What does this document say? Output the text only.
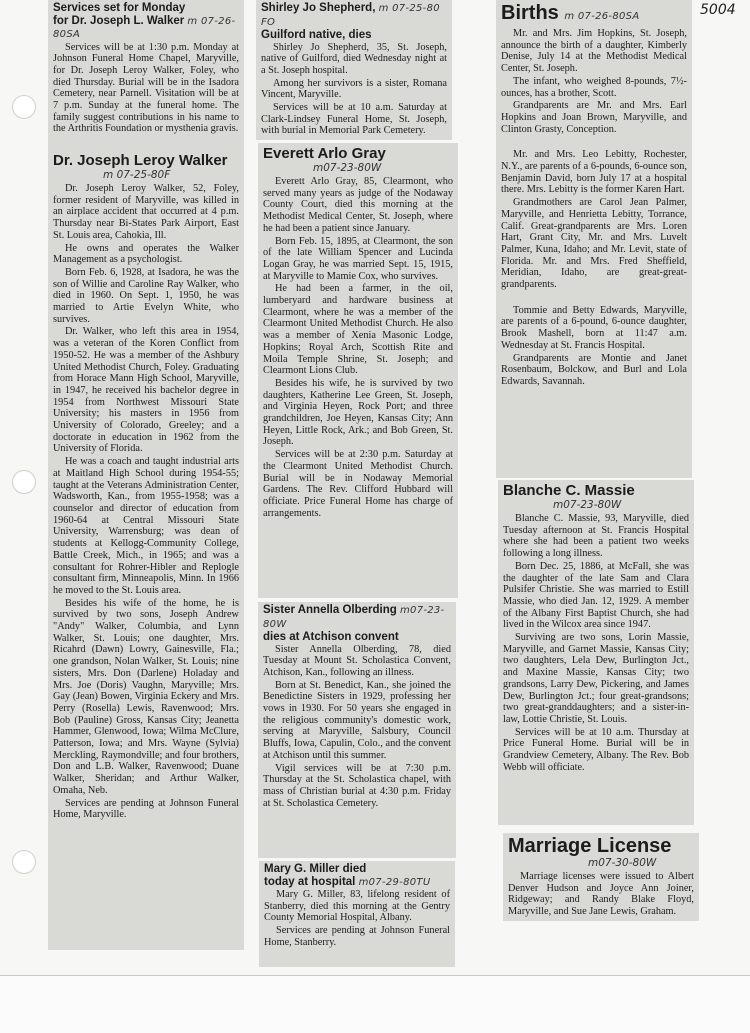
5004
Services set for Monday
for Dr. Joseph L. Walker m 07-26-80SA

Services will be at 1:30 p.m. Monday at Johnson Funeral Home Chapel, Maryville, for Dr. Joseph Leroy Walker, Foley, who died Thursday. Burial will be in the Isadora Cemetery, near Parnell. Visitation will be at 7 p.m. Sunday at the funeral home. The family suggest contributions in his name to the Arthritis Foundation or mysthenia gravis.

Dr. Joseph Leroy Walker
m 07-25-80F

Dr. Joseph Leroy Walker, 52, Foley, former resident of Maryville, was killed in an airplace accident that occurred at 4 p.m. Thursday near Bi-States Park Airport, East St. Louis area, Cahokia, Ill.

He owns and operates the Walker Management as a psychologist.

Born Feb. 6, 1928, at Isadora, he was the son of Willie and Caroline Ray Walker, who died in 1960. On Sept. 1, 1950, he was married to Artie Evelyn White, who survives.

Dr. Walker, who left this area in 1954, was a veteran of the Koren Conflict from 1950-52. He was a member of the Ashbury United Methodist Church, Foley. Graduating from Horace Mann High School, Maryville, in 1947, he received his bachelor degree in 1954 from Northwest Missouri State University; his masters in 1956 from University of Colorado, Greeley; and a doctorate in education in 1962 from the University of Florida.

He was a coach and taught industrial arts at Maitland High School during 1954-55; taught at the Veterans Administration Center, Wadsworth, Kan., from 1955-1958; was a counselor and director of education from 1960-64 at Central Missouri State University, Warrensburg; was dean of students at Kellogg-Community College, Battle Creek, Mich., in 1965; and was a consultant for Rohrer-Hibler and Replogle consultant firm, Minneapolis, Minn. In 1966 he moved to the St. Louis area.

Besides his wife of the home, he is survived by two sons, Joseph Andrew "Andy" Walker, Columbia, and Lynn Walker, St. Louis; one daughter, Mrs. Ricahrd (Dawn) Lowry, Gainesville, Fla.; one grandson, Nolan Walker, St. Louis; nine sisters, Mrs. Don (Darlene) Holaday and Mrs. Joe (Doris) Vaughn, Maryville; Mrs. Gay (Jean) Bowen, Virginia Eckery and Mrs. Perry (Rosella) Lewis, Ravenwood; Mrs. Bob (Pauline) Gross, Kansas City; Jeanetta Hammer, Glenwood, Iowa; Wilma McClure, Patterson, Iowa; and Mrs. Wayne (Sylvia) Merckling, Raymondville; and four brothers, Don and L.B. Walker, Ravenwood; Duane Walker, Sheridan; and Arthur Walker, Omaha, Neb.

Services are pending at Johnson Funeral Home, Maryville.

Shirley Jo Shepherd, m 07-25-80 FO
Guilford native, dies

Shirley Jo Shepherd, 35, St. Joseph, native of Guilford, died Wednesday night at a St. Joseph hospital.

Among her survivors is a sister, Romana Vincent, Maryville.

Services will be at 10 a.m. Saturday at Clark-Lindsey Funeral Home, St. Joseph, with burial in Memorial Park Cemetery.

Everett Arlo Gray
m07-23-80W

Everett Arlo Gray, 85, Clearmont, who served many years as judge of the Nodaway County Court, died this morning at the Methodist Medical Center, St. Joseph, where he had been a patient since January.

Born Feb. 15, 1895, at Clearmont, the son of the late William Spencer and Lucinda Logan Gray, he was married Sept. 15, 1915, at Maryville to Mamie Cox, who survives.

He had been a farmer, in the oil, lumberyard and hardware business at Clearmont, where he was a member of the Clearmont United Methodist Church. He also was a member of Xenia Masonic Lodge, Hopkins; Royal Arch, Scottish Rite and Moila Temple Shrine, St. Joseph; and Clearmont Lions Club.

Besides his wife, he is survived by two daughters, Katherine Lee Green, St. Joseph, and Virginia Heyen, Rock Port; and three grandchildren, Joe Heyen, Kansas City; Ann Heyen, Little Rock, Ark.; and Bob Green, St. Joseph.

Services will be at 2:30 p.m. Saturday at the Clearmont United Methodist Church. Burial will be in Nodaway Memorial Gardens. The Rev. Clifford Hubbard will officiate. Price Funeral Home has charge of arrangements.

Sister Annella Olberding m07-23-80W
dies at Atchison convent

Sister Annella Olberding, 78, died Tuesday at Mount St. Scholastica Convent, Atchison, Kan., following an illness.

Born at St. Benedict, Kan., she joined the Benedictine Sisters in 1929, professing her vows in 1930. For 50 years she engaged in the religious community's domestic work, serving at Maryville, Salsbury, Council Bluffs, Iowa, Capulin, Colo., and the convent at Atchison until this summer.

Vigil services will be at 7:30 p.m. Thursday at the St. Scholastica chapel, with mass of Christian burial at 4:30 p.m. Friday at St. Scholastica Cemetery.

Mary G. Miller died
today at hospital m07-29-80TU

Mary G. Miller, 83, lifelong resident of Stanberry, died this morning at the Gentry County Memorial Hospital, Albany.

Services are pending at Johnson Funeral Home, Stanberry.

Births m 07-26-80SA

Mr. and Mrs. Jim Hopkins, St. Joseph, announce the birth of a daughter, Kimberly Denise, July 14 at the Methodist Medical Center, St. Joseph.

The infant, who weighed 8-pounds, 7½-ounces, has a brother, Scott.

Grandparents are Mr. and Mrs. Earl Hopkins and Joan Brown, Maryville, and Clinton Grasty, Conception.

Mr. and Mrs. Leo Lebitty, Rochester, N.Y., are parents of a 6-pounds, 6-ounce son, Benjamin David, born July 17 at a hospital there. Mrs. Lebitty is the former Karen Hart.

Grandmothers are Carol Jean Palmer, Maryville, and Henrietta Lebitty, Torrance, Calif. Great-grandparents are Mrs. Loren Hart, Grant City, Mr. and Mrs. Luvelt Palmer, Kuna, Idaho; and Mr. Levit, state of Florida. Mr. and Mrs. Fred Sheffield, Meridian, Idaho, are great-great-grandparents.

Tommie and Betty Edwards, Maryville, are parents of a 6-pound, 6-ounce daughter, Brook Mashell, born at 11:47 a.m. Wednesday at St. Francis Hospital.

Grandparents are Montie and Janet Rosenbaum, Bolckow, and Burl and Lola Edwards, Savannah.

Blanche C. Massie
m07-23-80W

Blanche C. Massie, 93, Maryville, died Tuesday afternoon at St. Francis Hospital where she had been a patient two weeks following a long illness.

Born Dec. 25, 1886, at McFall, she was the daughter of the late Sam and Clara Pulsifer Christie. She was married to Estill Massie, who died Jan. 12, 1929. A member of the Albany First Baptist Church, she had lived in the Wilcox area since 1947.

Surviving are two sons, Lorin Massie, Maryville, and Garnet Massie, Kansas City; two daughters, Lela Dew, Burlington Jct., and Maxine Massie, Kansas City; two grandsons, Larry Dew, Pickering, and James Dew, Burlington Jct.; four great-grandsons; two great-granddaughters; and a sister-in-law, Lottie Christie, St. Louis.

Services will be at 10 a.m. Thursday at Price Funeral Home. Burial will be in Grandview Cemetery, Albany. The Rev. Bob Webb will officiate.

Marriage License
m07-30-80W

Marriage licenses were issued to Albert Denver Hudson and Joyce Ann Joiner, Ridgeway; and Randy Blake Floyd, Maryville, and Sue Jane Lewis, Graham.
